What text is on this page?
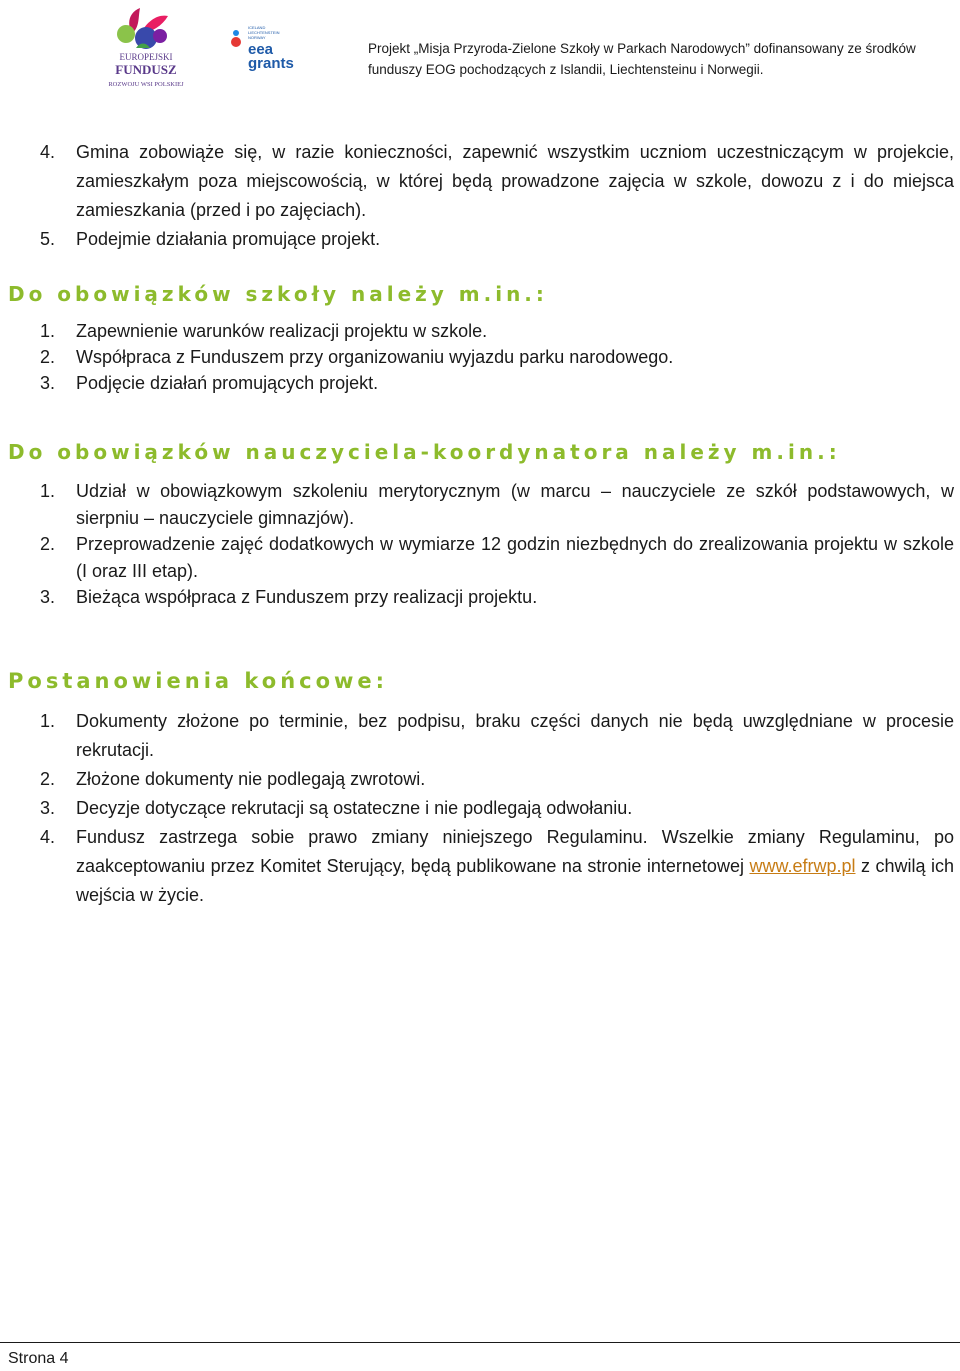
EUROPEJSKI
FUNDUSZ
ROZWOJU WSI POLSKIEJ
ICELAND
LIECHTENSTEIN
NORWAY
eea
grants
Projekt „Misja Przyroda-Zielone Szkoły w Parkach Narodowych” dofinansowany ze środków
funduszy EOG pochodzących z Islandii, Liechtensteinu i Norwegii.
4. Gmina zobowiąże się, w razie konieczności, zapewnić wszystkim uczniom uczestniczącym w projekcie, zamieszkałym poza miejscowością, w której będą prowadzone zajęcia w szkole, dowozu z i do miejsca zamieszkania (przed i po zajęciach).
5. Podejmie działania promujące projekt.
Do obowiązków szkoły należy m.in.:
1. Zapewnienie warunków realizacji projektu w szkole.
2. Współpraca z Funduszem przy organizowaniu wyjazdu parku narodowego.
3. Podjęcie działań promujących projekt.
Do obowiązków nauczyciela-koordynatora należy m.in.:
1. Udział w obowiązkowym szkoleniu merytorycznym (w marcu – nauczyciele ze szkół podstawowych, w sierpniu – nauczyciele gimnazjów).
2. Przeprowadzenie zajęć dodatkowych w wymiarze 12 godzin niezbędnych do zrealizowania projektu w szkole (I oraz III etap).
3. Bieżąca współpraca z Funduszem przy realizacji projektu.
Postanowienia końcowe:
1. Dokumenty złożone po terminie, bez podpisu, braku części danych nie będą uwzględniane w procesie rekrutacji.
2. Złożone dokumenty nie podlegają zwrotowi.
3. Decyzje dotyczące rekrutacji są ostateczne i nie podlegają odwołaniu.
4. Fundusz zastrzega sobie prawo zmiany niniejszego Regulaminu. Wszelkie zmiany Regulaminu, po zaakceptowaniu przez Komitet Sterujący, będą publikowane na stronie internetowej www.efrwp.pl z chwilą ich wejścia w życie.
Strona 4
